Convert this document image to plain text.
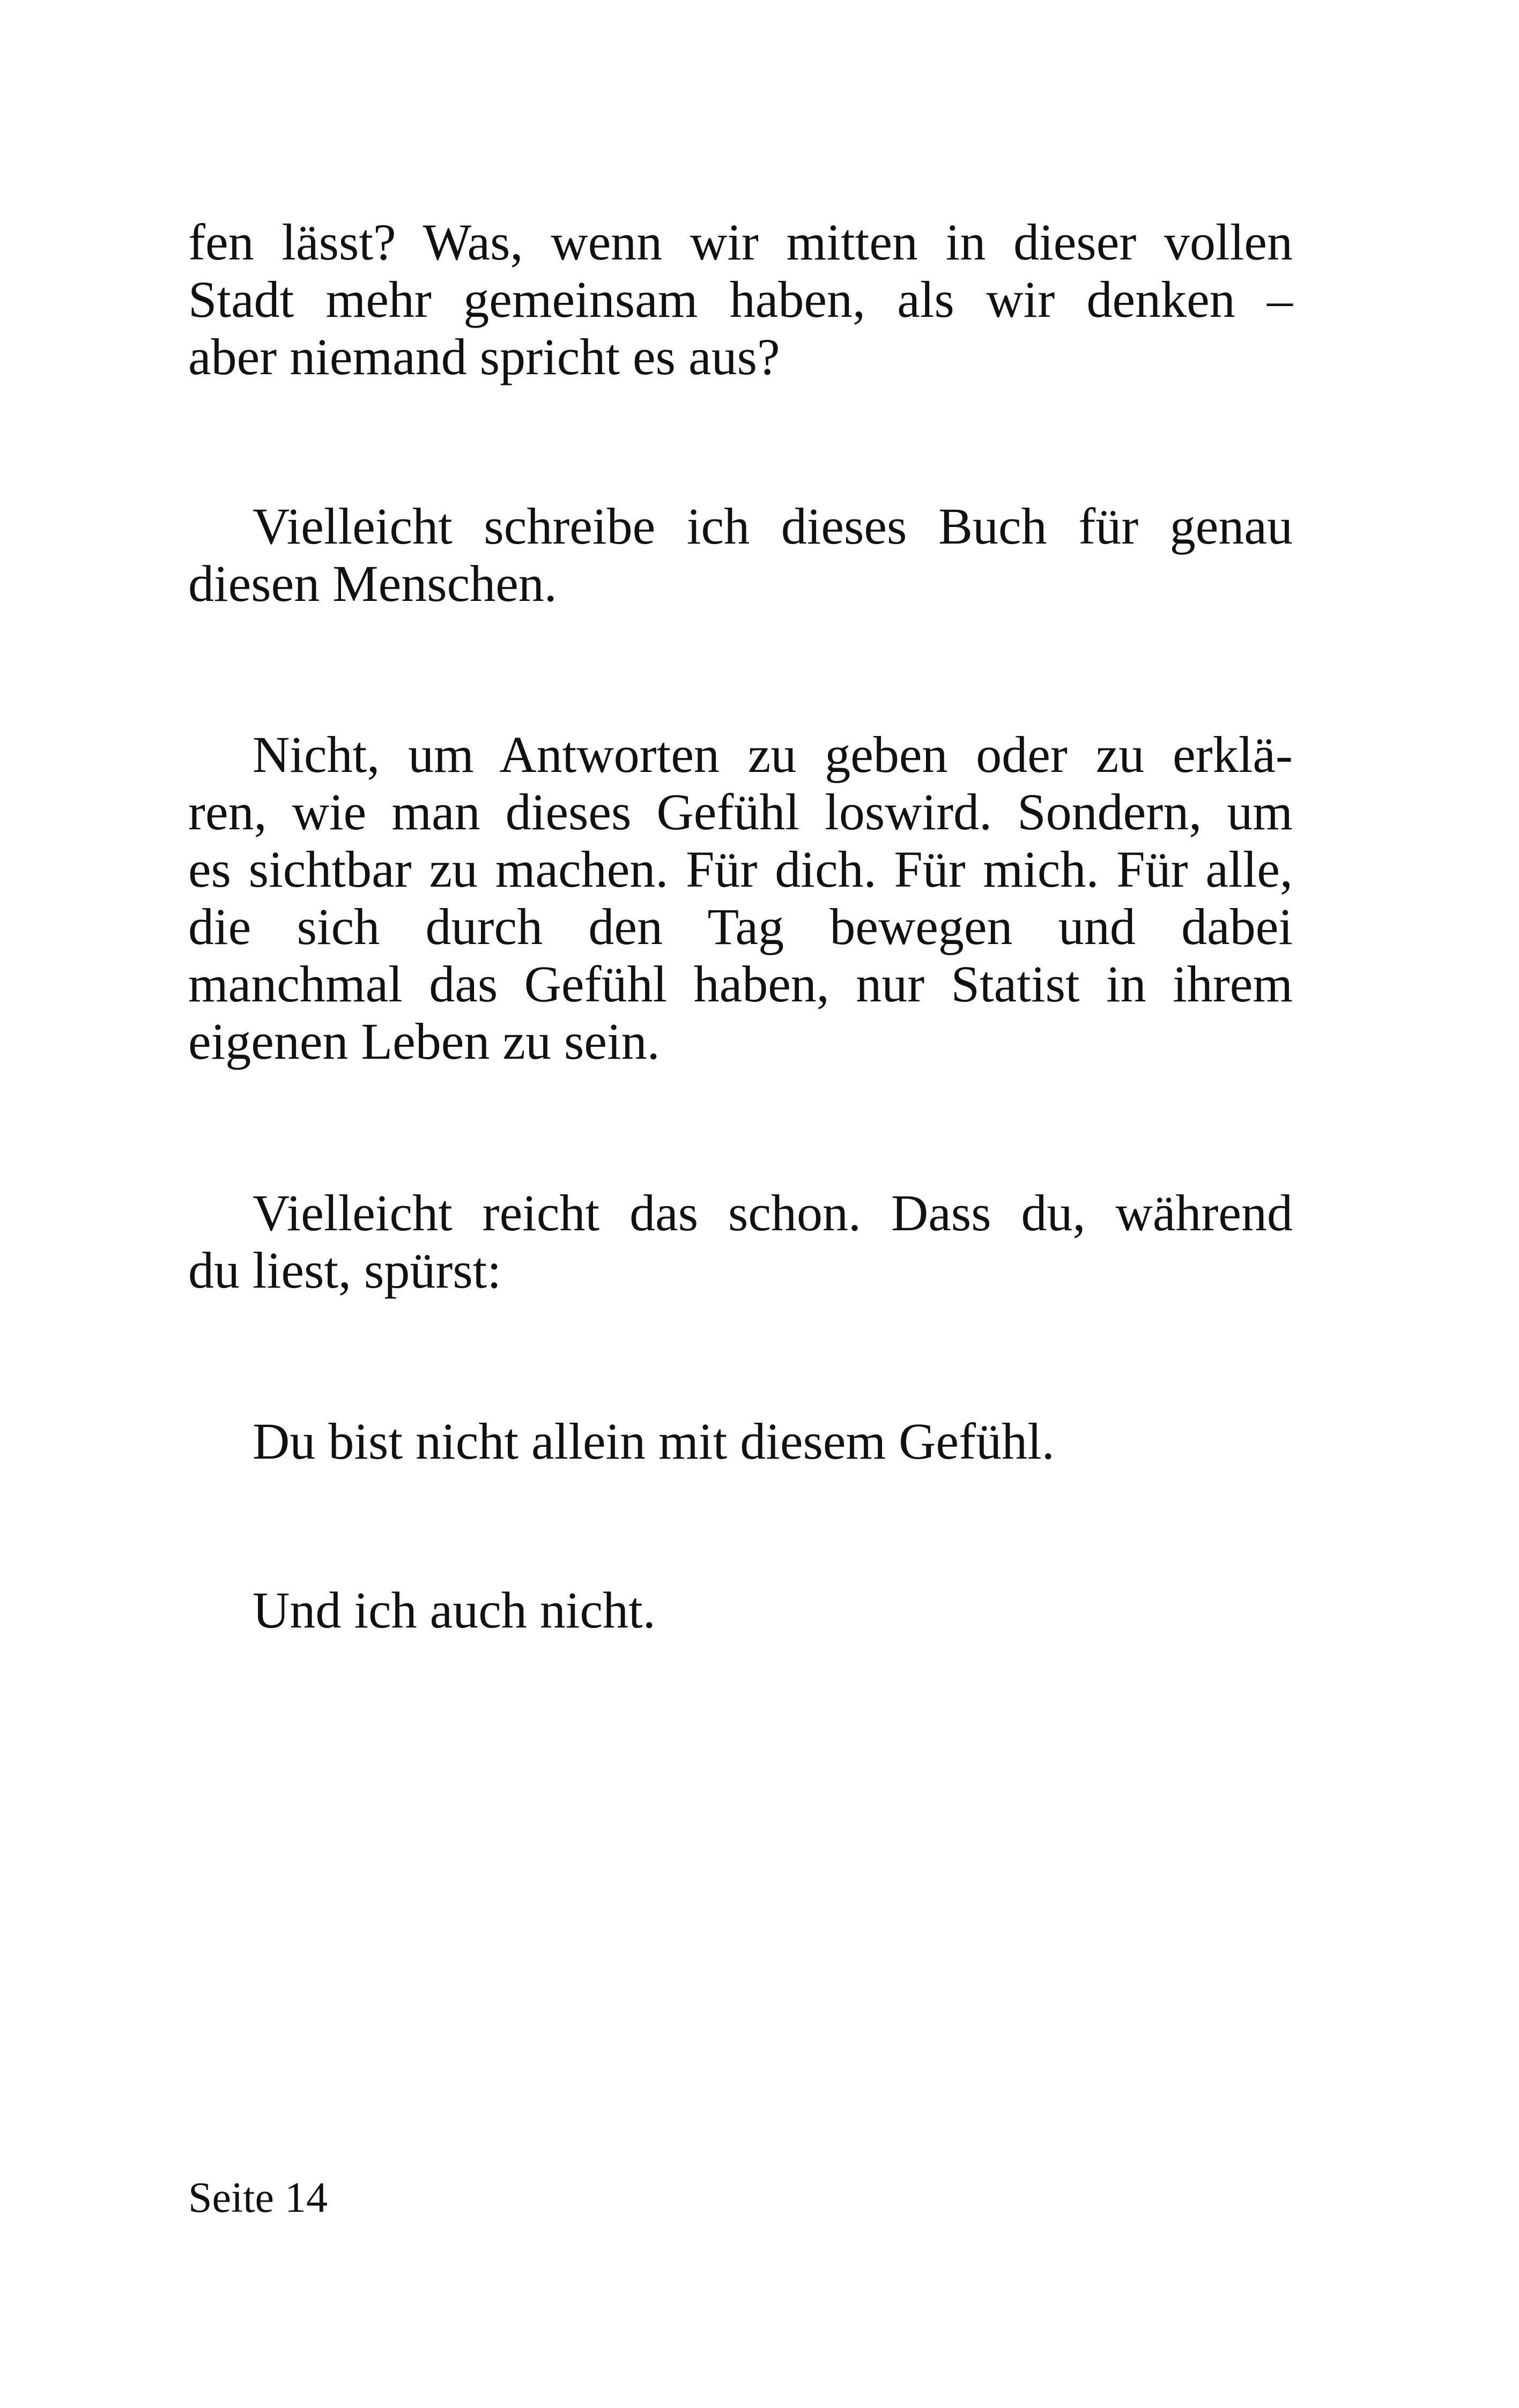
fen lässt? Was, wenn wir mitten in dieser vollen
Stadt mehr gemeinsam haben, als wir denken –
aber niemand spricht es aus?

Vielleicht schreibe ich dieses Buch für genau
diesen Menschen.

Nicht, um Antworten zu geben oder zu erklä-
ren, wie man dieses Gefühl loswird. Sondern, um
es sichtbar zu machen. Für dich. Für mich. Für alle,
die sich durch den Tag bewegen und dabei
manchmal das Gefühl haben, nur Statist in ihrem
eigenen Leben zu sein.

Vielleicht reicht das schon. Dass du, während
du liest, spürst:

Du bist nicht allein mit diesem Gefühl.

Und ich auch nicht.

Seite 14
